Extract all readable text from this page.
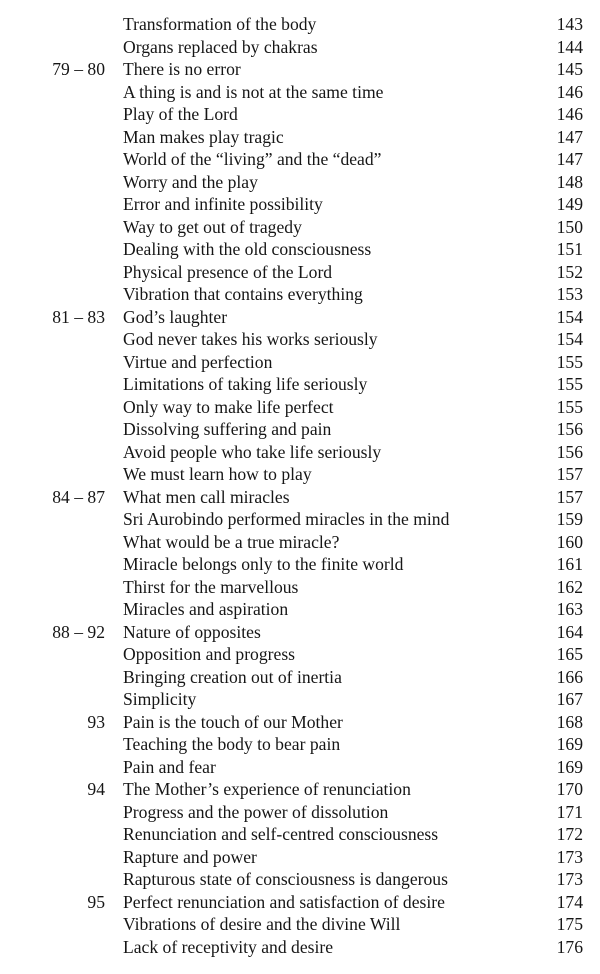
Transformation of the body	143
Organs replaced by chakras	144
79 – 80 There is no error	145
A thing is and is not at the same time	146
Play of the Lord	146
Man makes play tragic	147
World of the “living” and the “dead”	147
Worry and the play	148
Error and infinite possibility	149
Way to get out of tragedy	150
Dealing with the old consciousness	151
Physical presence of the Lord	152
Vibration that contains everything	153
81 – 83 God’s laughter	154
God never takes his works seriously	154
Virtue and perfection	155
Limitations of taking life seriously	155
Only way to make life perfect	155
Dissolving suffering and pain	156
Avoid people who take life seriously	156
We must learn how to play	157
84 – 87 What men call miracles	157
Sri Aurobindo performed miracles in the mind	159
What would be a true miracle?	160
Miracle belongs only to the finite world	161
Thirst for the marvellous	162
Miracles and aspiration	163
88 – 92 Nature of opposites	164
Opposition and progress	165
Bringing creation out of inertia	166
Simplicity	167
93 Pain is the touch of our Mother	168
Teaching the body to bear pain	169
Pain and fear	169
94 The Mother’s experience of renunciation	170
Progress and the power of dissolution	171
Renunciation and self-centred consciousness	172
Rapture and power	173
Rapturous state of consciousness is dangerous	173
95 Perfect renunciation and satisfaction of desire	174
Vibrations of desire and the divine Will	175
Lack of receptivity and desire	176
